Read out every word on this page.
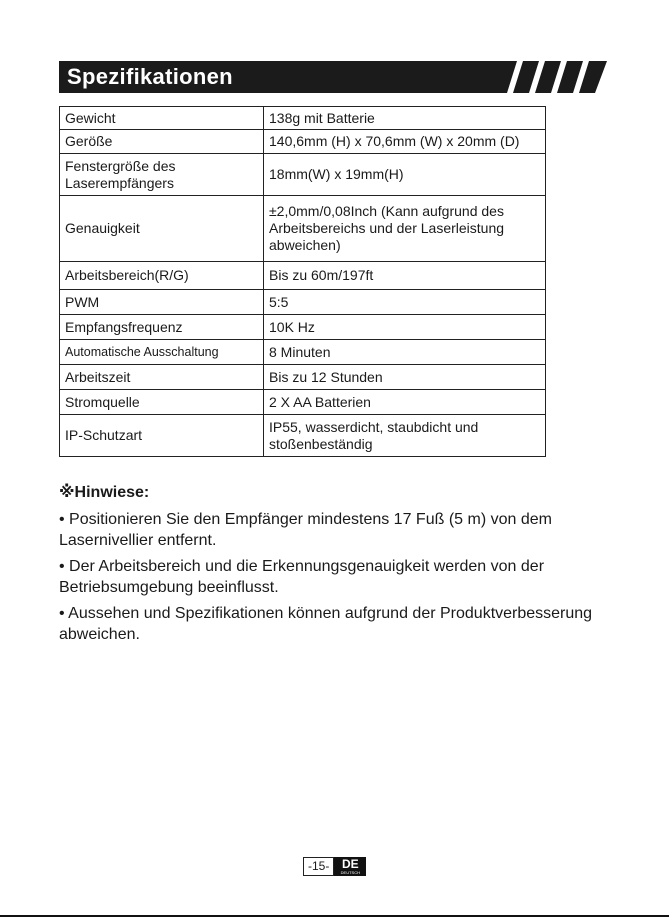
Spezifikationen
Gewicht	138g mit Batterie
Geröße	140,6mm (H) x 70,6mm (W) x 20mm (D)
Fenstergröße des Laserempfängers	18mm(W) x 19mm(H)
Genauigkeit	±2,0mm/0,08Inch (Kann aufgrund des Arbeitsbereichs und der Laserleistung abweichen)
Arbeitsbereich(R/G)	Bis zu 60m/197ft
PWM	5:5
Empfangsfrequenz	10K Hz
Automatische Ausschaltung	8 Minuten
Arbeitszeit	Bis zu 12 Stunden
Stromquelle	2 X AA Batterien
IP-Schutzart	IP55, wasserdicht, staubdicht und stoßenbeständig
※Hinwiese:

• Positionieren Sie den Empfänger mindestens 17 Fuß (5 m) von dem Lasernivellier entfernt.

• Der Arbeitsbereich und die Erkennungsgenauigkeit werden von der Betriebsumgebung beeinflusst.

• Aussehen und Spezifikationen können aufgrund der Produktverbesserung abweichen.

-15-	DE
DEUTSCH
